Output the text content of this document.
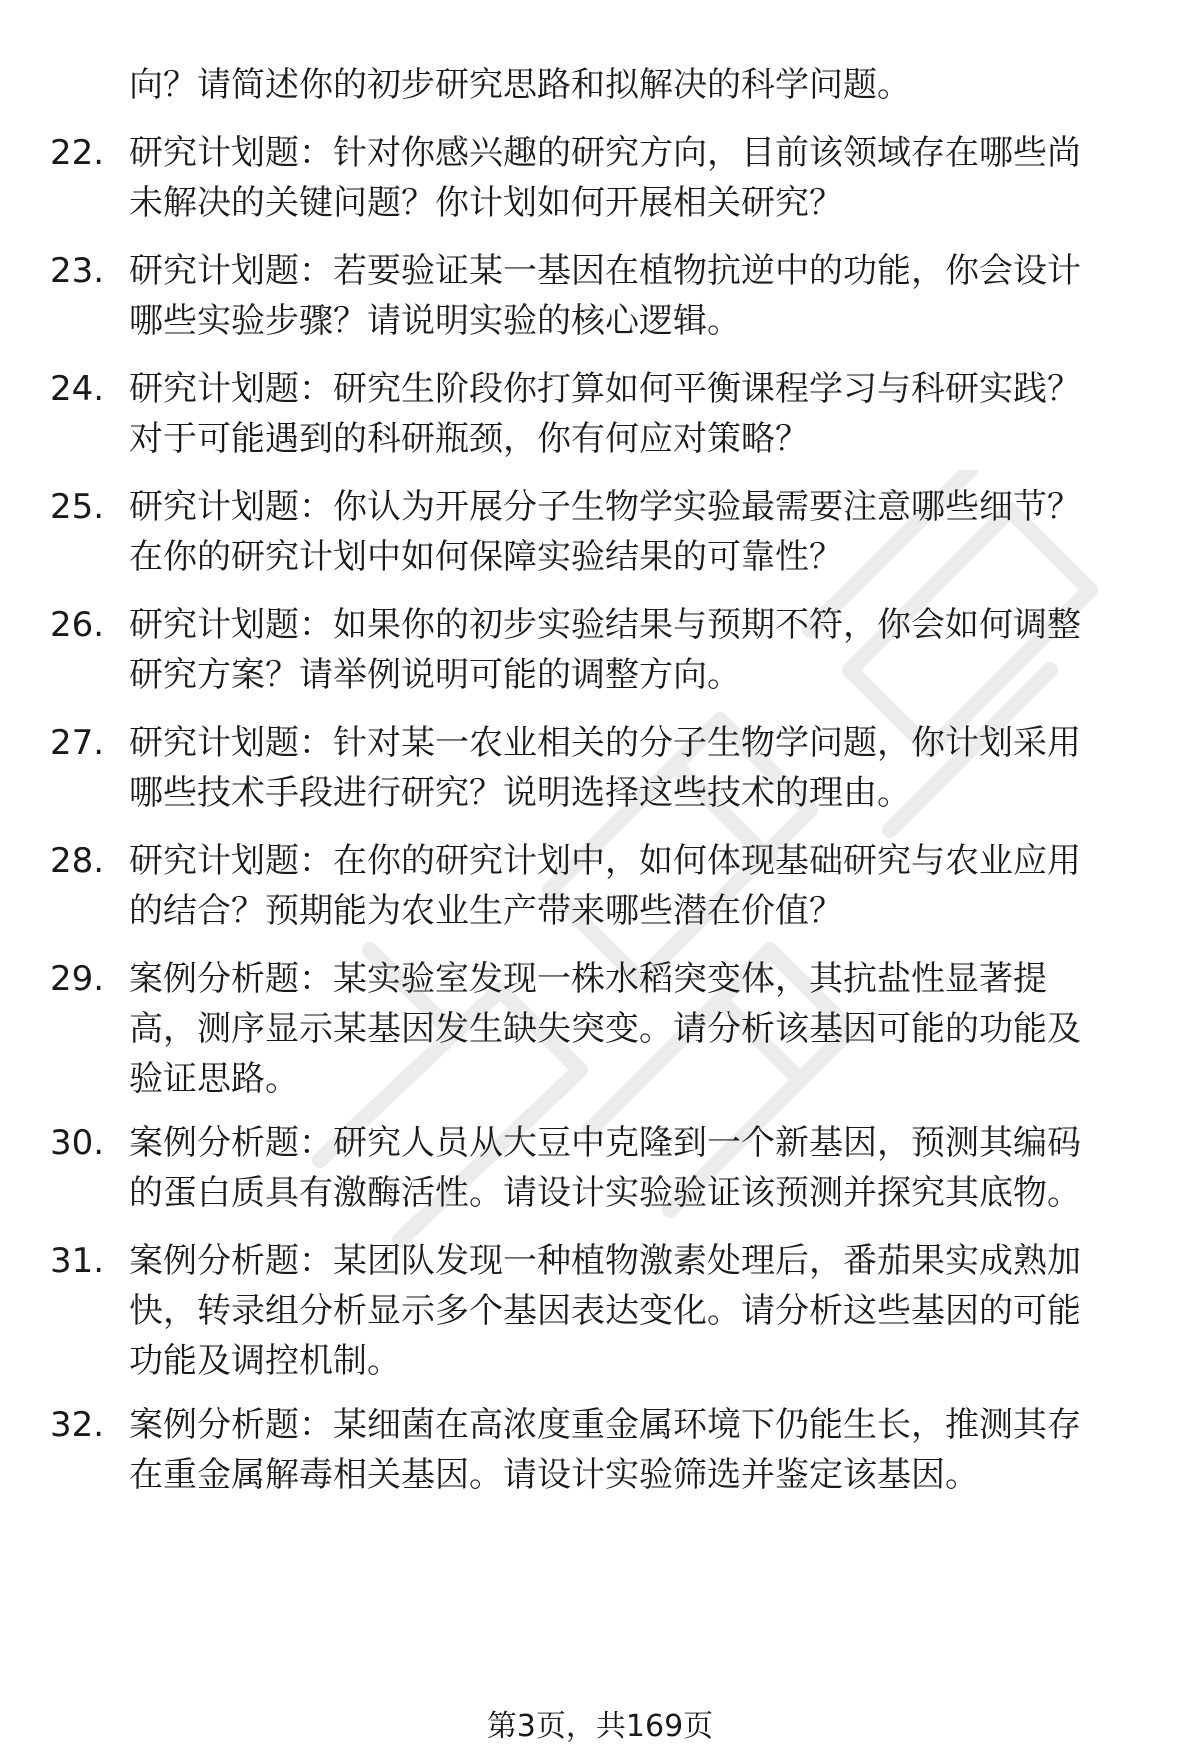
向？请简述你的初步研究思路和拟解决的科学问题。
22. 研究计划题：针对你感兴趣的研究方向，目前该领域存在哪些尚
未解决的关键问题？你计划如何开展相关研究？
23. 研究计划题：若要验证某一基因在植物抗逆中的功能，你会设计
哪些实验步骤？请说明实验的核心逻辑。
24. 研究计划题：研究生阶段你打算如何平衡课程学习与科研实践？
对于可能遇到的科研瓶颈，你有何应对策略？
25. 研究计划题：你认为开展分子生物学实验最需要注意哪些细节？
在你的研究计划中如何保障实验结果的可靠性？
26. 研究计划题：如果你的初步实验结果与预期不符，你会如何调整
研究方案？请举例说明可能的调整方向。
27. 研究计划题：针对某一农业相关的分子生物学问题，你计划采用
哪些技术手段进行研究？说明选择这些技术的理由。
28. 研究计划题：在你的研究计划中，如何体现基础研究与农业应用
的结合？预期能为农业生产带来哪些潜在价值？
29. 案例分析题：某实验室发现一株水稻突变体，其抗盐性显著提
高，测序显示某基因发生缺失突变。请分析该基因可能的功能及
验证思路。
30. 案例分析题：研究人员从大豆中克隆到一个新基因，预测其编码
的蛋白质具有激酶活性。请设计实验验证该预测并探究其底物。
31. 案例分析题：某团队发现一种植物激素处理后，番茄果实成熟加
快，转录组分析显示多个基因表达变化。请分析这些基因的可能
功能及调控机制。
32. 案例分析题：某细菌在高浓度重金属环境下仍能生长，推测其存
在重金属解毒相关基因。请设计实验筛选并鉴定该基因。
第3页，共169页
